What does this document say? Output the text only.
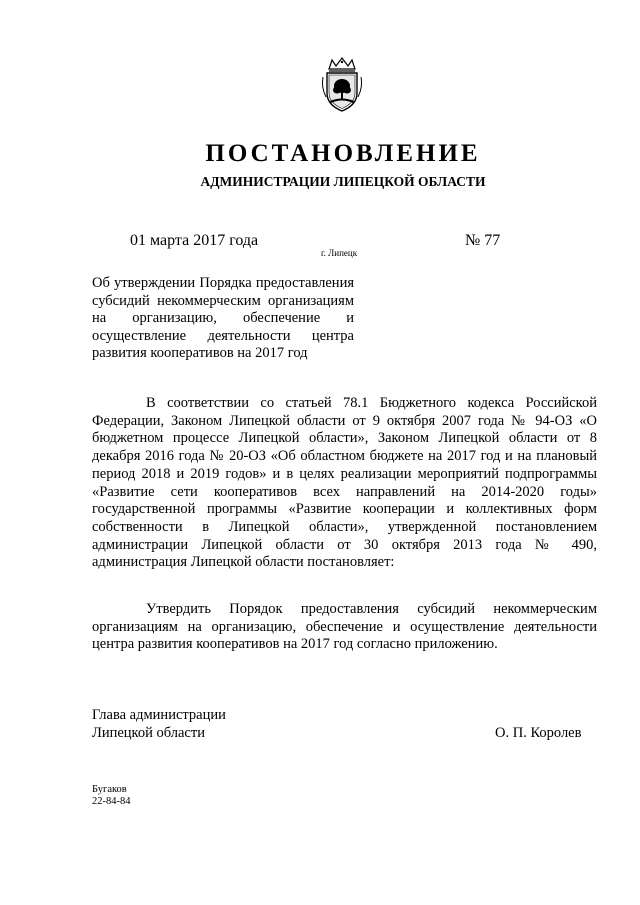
ПОСТАНОВЛЕНИЕ
АДМИНИСТРАЦИИ ЛИПЕЦКОЙ ОБЛАСТИ
01 марта 2017 года
г. Липецк
№ 77
Об утверждении Порядка предоставления субсидий некоммерческим организациям на организацию, обеспечение и осуществление деятельности центра развития кооперативов на 2017 год
В соответствии со статьей 78.1 Бюджетного кодекса Российской Федерации, Законом Липецкой области от 9 октября 2007 года № 94-ОЗ «О бюджетном процессе Липецкой области», Законом Липецкой области от 8 декабря 2016 года № 20-ОЗ «Об областном бюджете на 2017 год и на плановый период 2018 и 2019 годов» и в целях реализации мероприятий подпрограммы «Развитие сети кооперативов всех направлений на 2014-2020 годы» государственной программы «Развитие кооперации и коллективных форм собственности в Липецкой области», утвержденной постановлением администрации Липецкой области от 30 октября 2013 года № 490, администрация Липецкой области постановляет:
Утвердить Порядок предоставления субсидий некоммерческим организациям на организацию, обеспечение и осуществление деятельности центра развития кооперативов на 2017 год согласно приложению.
Глава администрации
Липецкой области	О. П. Королев
Бугаков
22-84-84
